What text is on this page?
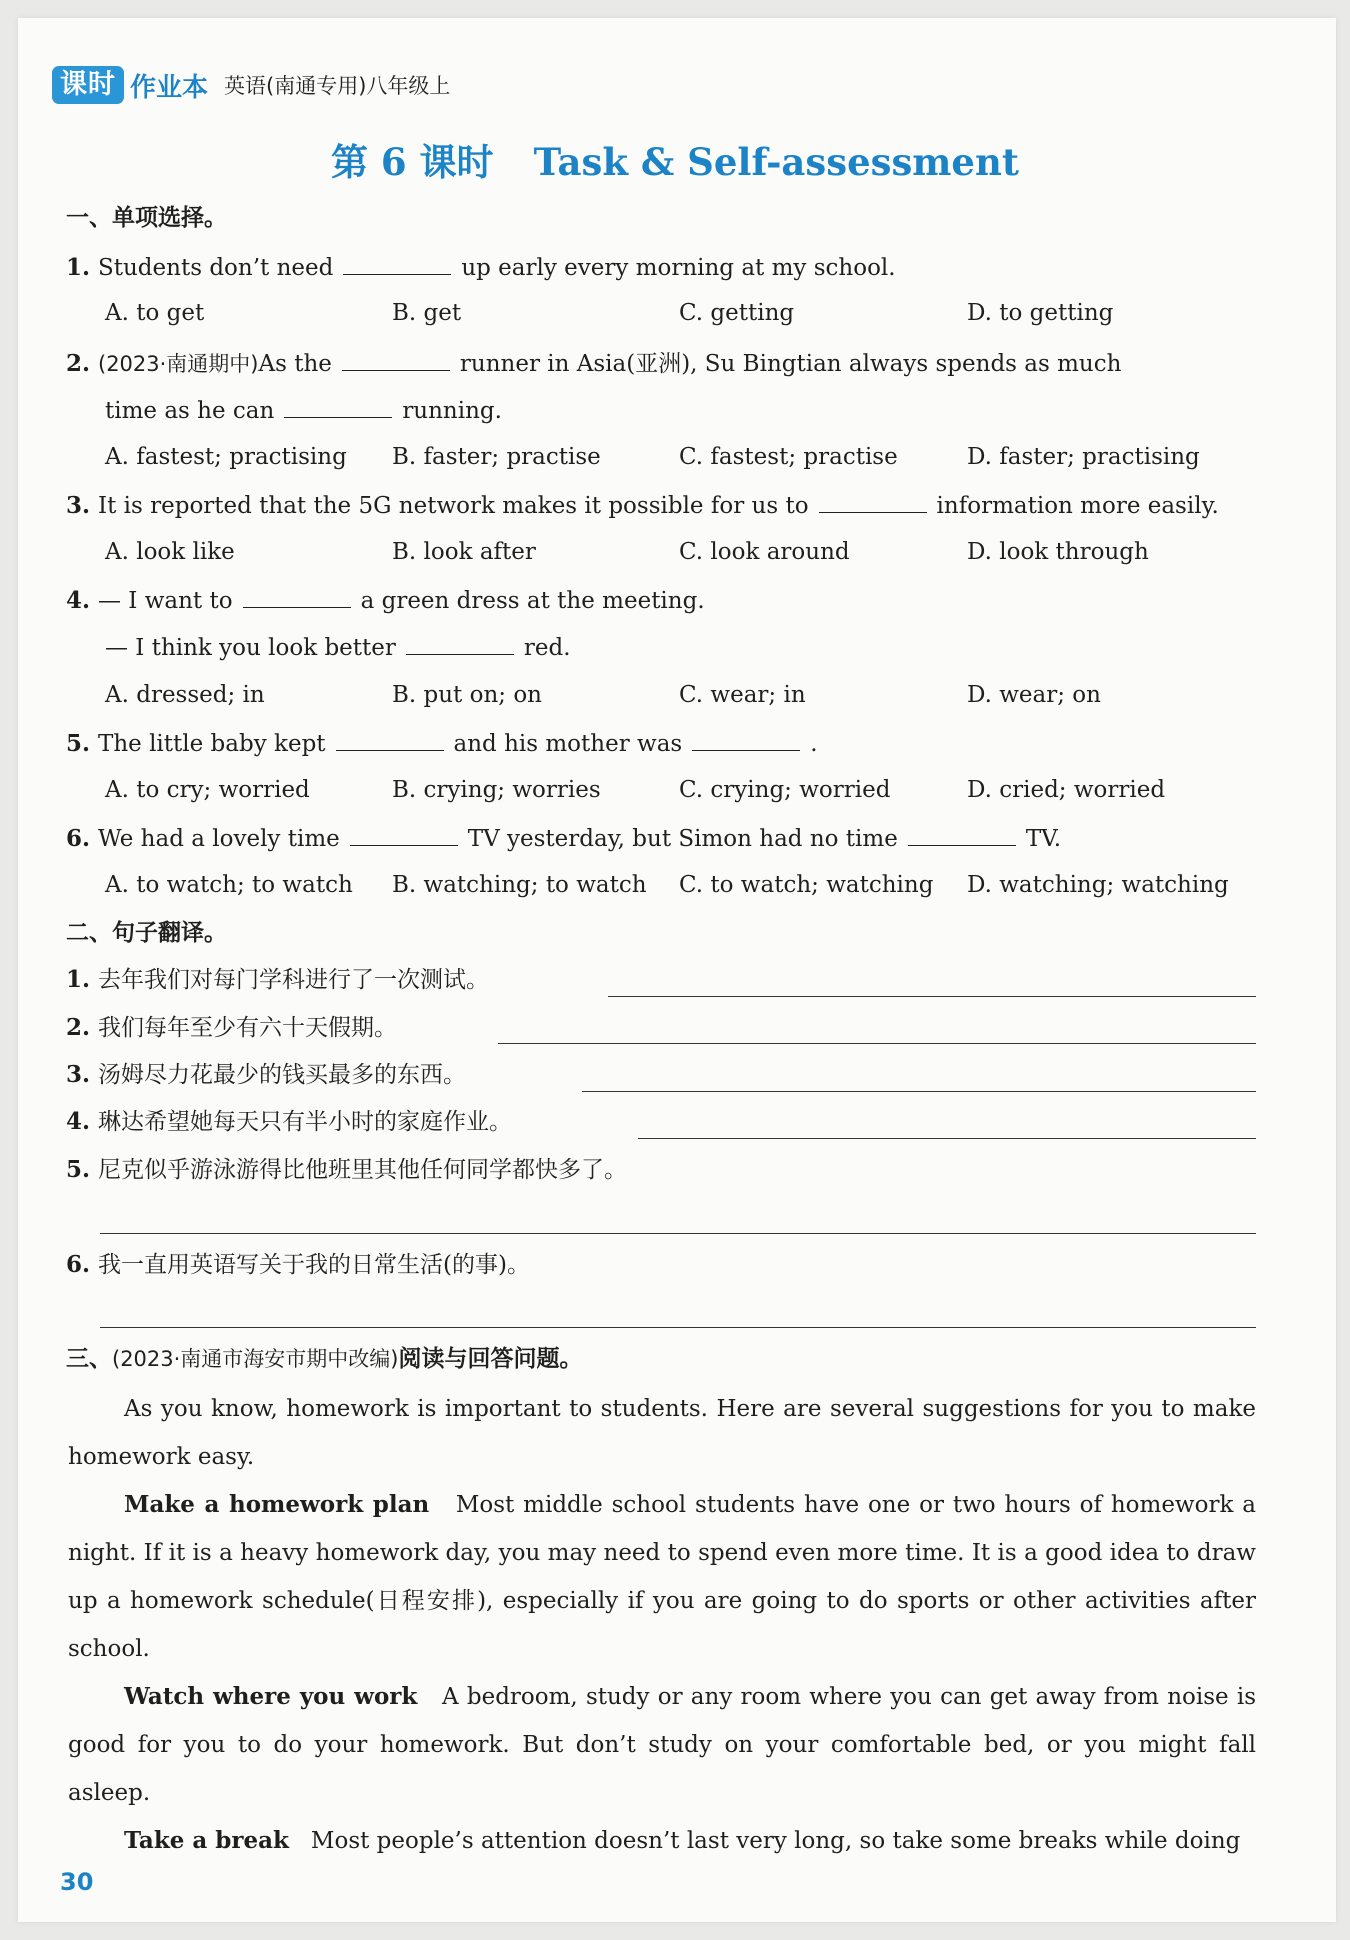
课时 作业本 英语(南通专用)八年级上
第 6 课时 Task & Self-assessment
一、单项选择。
1. Students don’t need	up early every morning at my school.
A. to get	B. get	C. getting	D. to getting
2. (2023·南通期中)As the	runner in Asia(亚洲), Su Bingtian always spends as much
time as he can	running.
A. fastest; practising B. faster; practise	C. fastest; practise	D. faster; practising
3. It is reported that the 5G network makes it possible for us to	information more easily.
A. look like	B. look after	C. look around	D. look through
4. — I want to	a green dress at the meeting.
— I think you look better	red.
A. dressed; in	B. put on; on	C. wear; in	D. wear; on
5. The little baby kept	and his mother was	.
A. to cry; worried	B. crying; worries	C. crying; worried	D. cried; worried
6. We had a lovely time	TV yesterday, but Simon had no time	TV.
A. to watch; to watch B. watching; to watch C. to watch; watching D. watching; watching
二、句子翻译。
1. 去年我们对每门学科进行了一次测试。
2. 我们每年至少有六十天假期。
3. 汤姆尽力花最少的钱买最多的东西。
4. 琳达希望她每天只有半小时的家庭作业。
5. 尼克似乎游泳游得比他班里其他任何同学都快多了。
6. 我一直用英语写关于我的日常生活(的事)。
三、(2023·南通市海安市期中改编)阅读与回答问题。
As you know, homework is important to students. Here are several suggestions for you to make homework easy.
Make a homework plan Most middle school students have one or two hours of homework a night. If it is a heavy homework day, you may need to spend even more time. It is a good idea to draw up a homework schedule(日程安排), especially if you are going to do sports or other activities after school.
Watch where you work A bedroom, study or any room where you can get away from noise is good for you to do your homework. But don’t study on your comfortable bed, or you might fall asleep.
Take a break Most people’s attention doesn’t last very long, so take some breaks while doing
30
